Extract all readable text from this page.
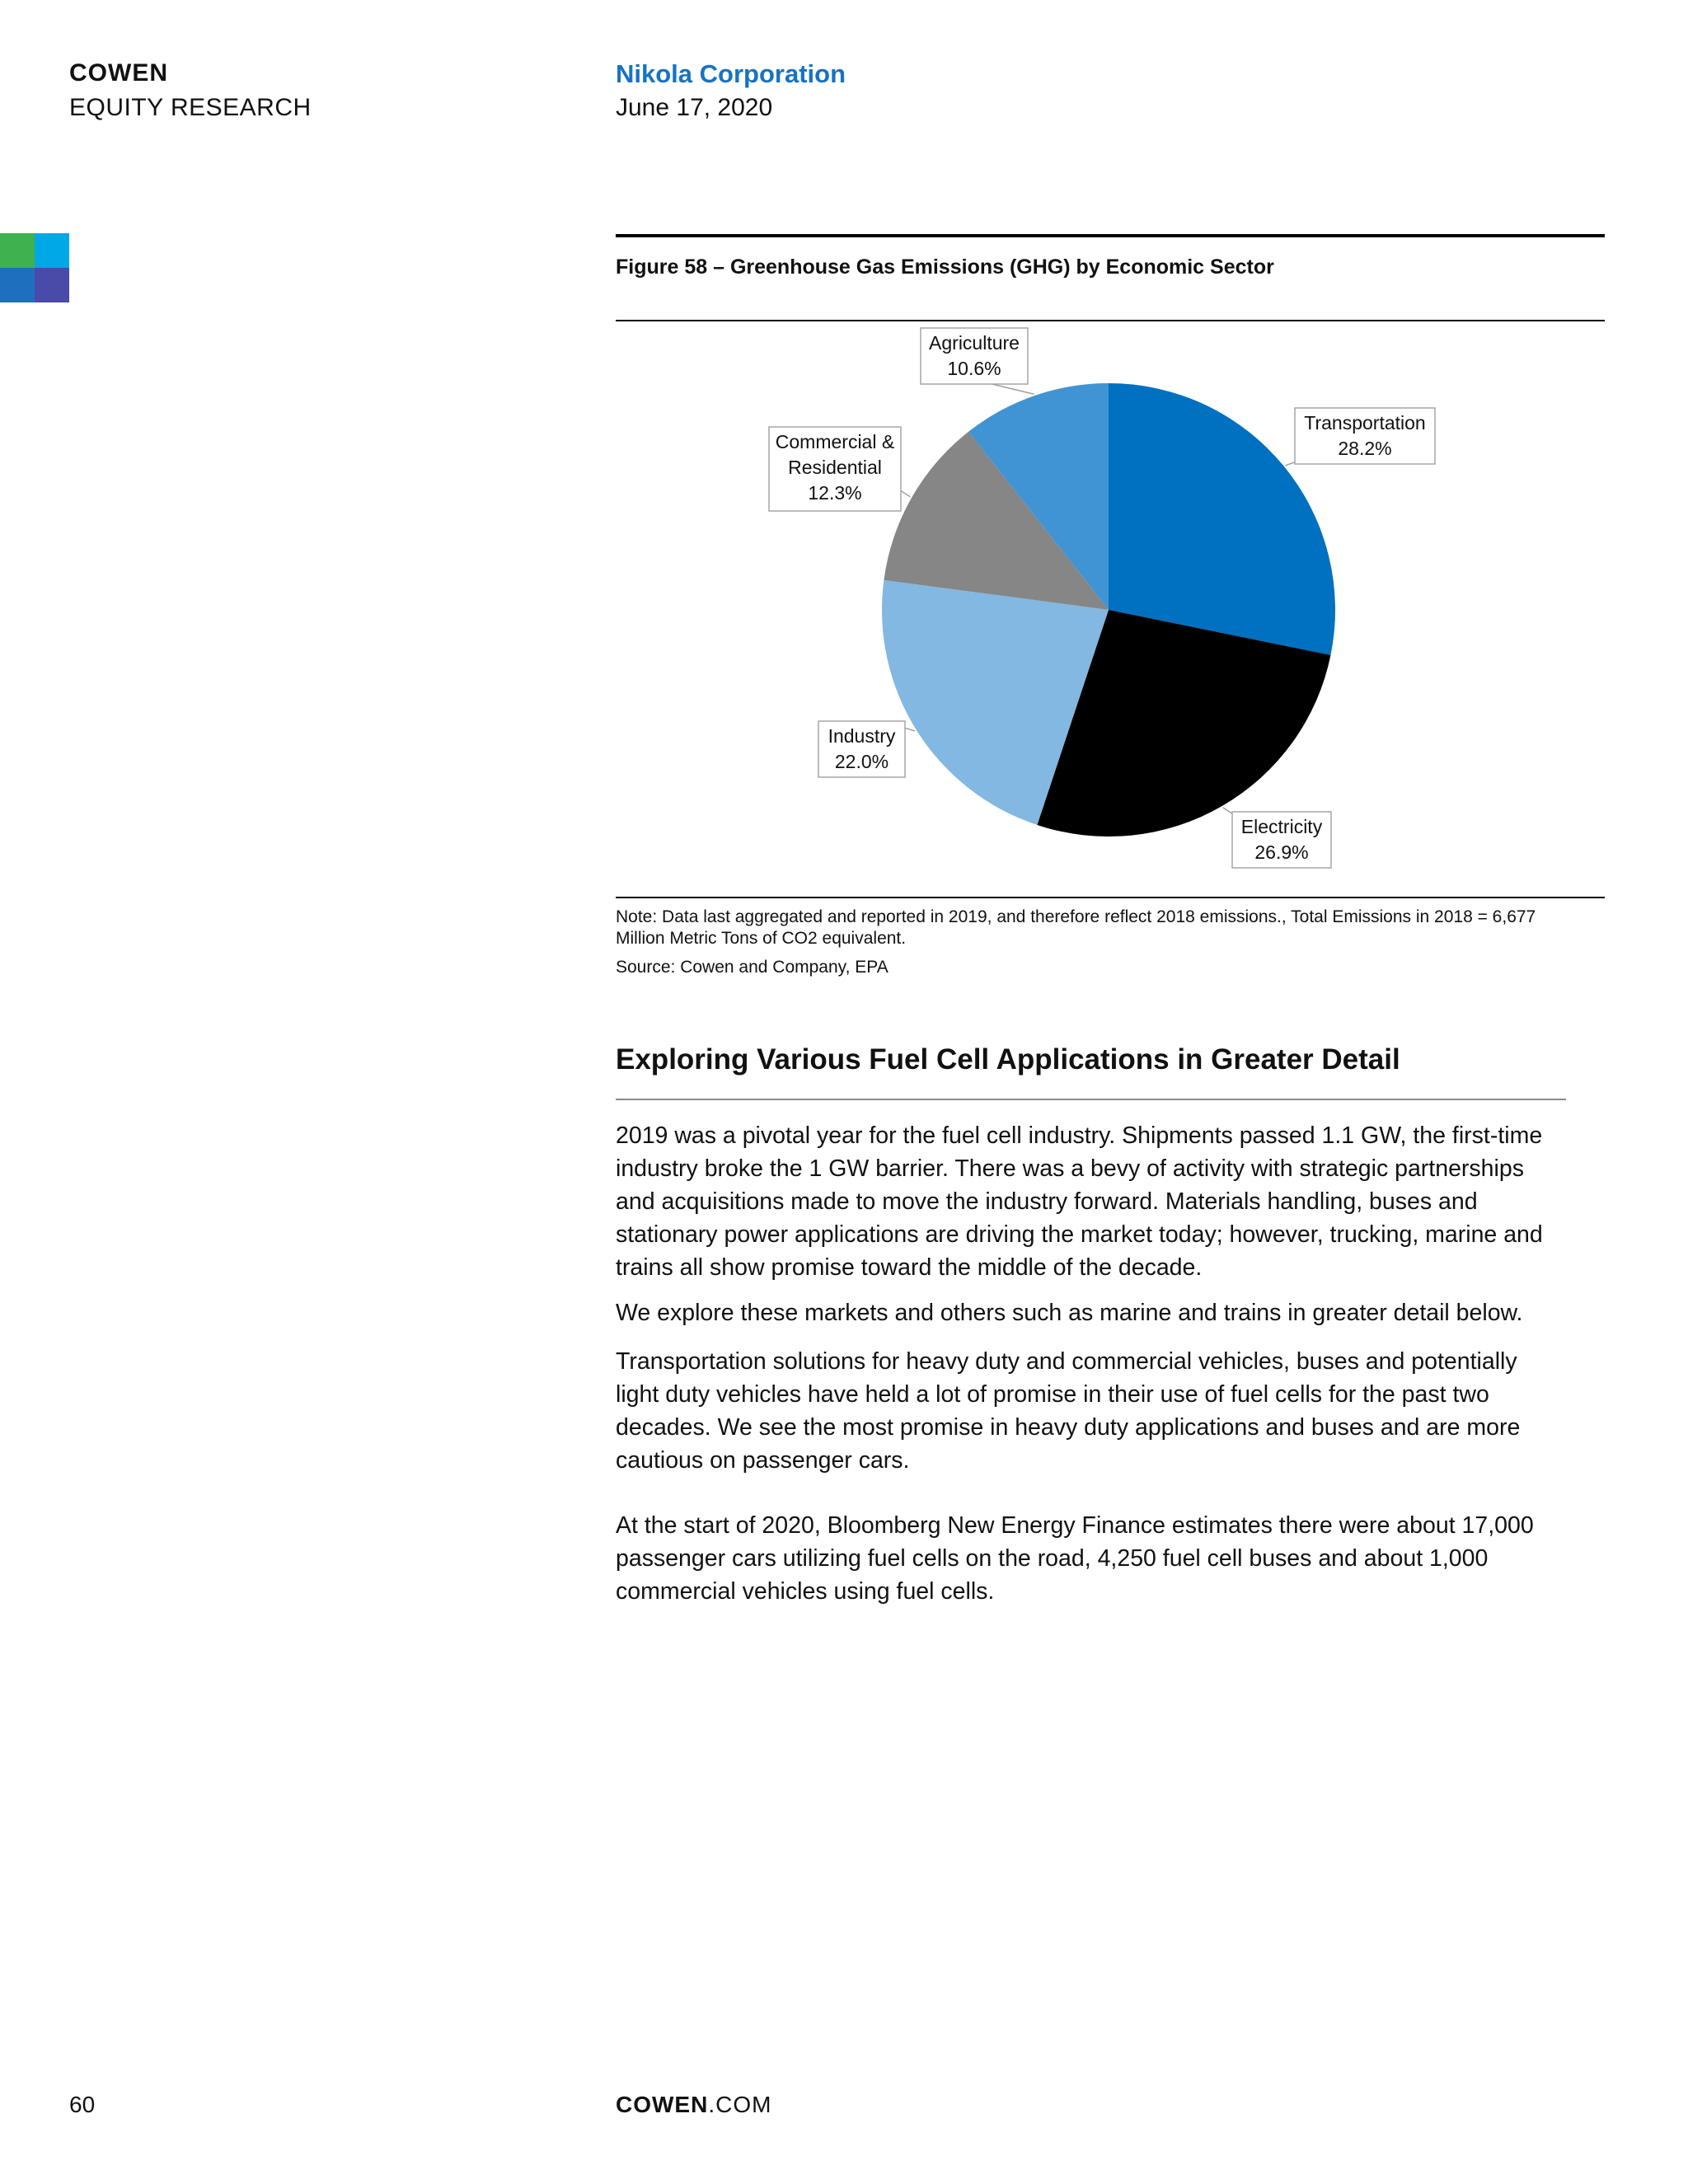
COWEN
EQUITY RESEARCH
Nikola Corporation
June 17, 2020
Figure 58 – Greenhouse Gas Emissions (GHG) by Economic Sector
Transportation
28.2%
Electricity
26.9%
Industry
22.0%
Commercial &
Residential
12.3%
Agriculture
10.6%
Note: Data last aggregated and reported in 2019, and therefore reflect 2018 emissions., Total Emissions in 2018 = 6,677 Million Metric Tons of CO2 equivalent.
Source: Cowen and Company, EPA
Exploring Various Fuel Cell Applications in Greater Detail

2019 was a pivotal year for the fuel cell industry. Shipments passed 1.1 GW, the first-time industry broke the 1 GW barrier. There was a bevy of activity with strategic partnerships and acquisitions made to move the industry forward. Materials handling, buses and stationary power applications are driving the market today; however, trucking, marine and trains all show promise toward the middle of the decade.

We explore these markets and others such as marine and trains in greater detail below.

Transportation solutions for heavy duty and commercial vehicles, buses and potentially light duty vehicles have held a lot of promise in their use of fuel cells for the past two decades. We see the most promise in heavy duty applications and buses and are more cautious on passenger cars.

At the start of 2020, Bloomberg New Energy Finance estimates there were about 17,000 passenger cars utilizing fuel cells on the road, 4,250 fuel cell buses and about 1,000 commercial vehicles using fuel cells.

60	COWEN.COM
